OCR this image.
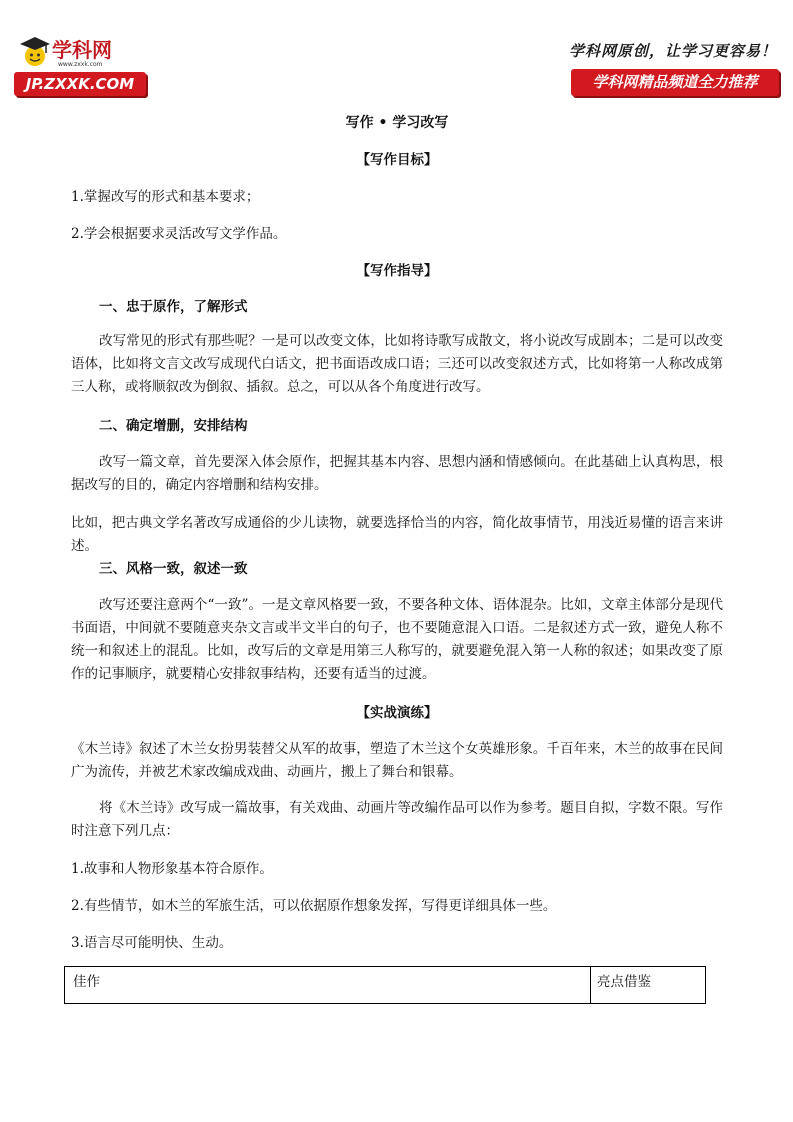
学科网
www.zxxk.com
JP.ZXXK.COM
学科网原创，让学习更容易！
学科网精品频道全力推荐
写作 • 学习改写
【写作目标】
1.掌握改写的形式和基本要求；
2.学会根据要求灵活改写文学作品。
【写作指导】
一、忠于原作，了解形式
改写常见的形式有那些呢？一是可以改变文体，比如将诗歌写成散文，将小说改写成剧本；二是可以改变语体，比如将文言文改写成现代白话文，把书面语改成口语；三还可以改变叙述方式，比如将第一人称改成第三人称，或将顺叙改为倒叙、插叙。总之，可以从各个角度进行改写。
二、确定增删，安排结构
改写一篇文章，首先要深入体会原作，把握其基本内容、思想内涵和情感倾向。在此基础上认真构思，根据改写的目的，确定内容增删和结构安排。
比如，把古典文学名著改写成通俗的少儿读物，就要选择恰当的内容，简化故事情节，用浅近易懂的语言来讲述。
三、风格一致，叙述一致
改写还要注意两个“一致”。一是文章风格要一致，不要各种文体、语体混杂。比如，文章主体部分是现代书面语，中间就不要随意夹杂文言或半文半白的句子，也不要随意混入口语。二是叙述方式一致，避免人称不统一和叙述上的混乱。比如，改写后的文章是用第三人称写的，就要避免混入第一人称的叙述；如果改变了原作的记事顺序，就要精心安排叙事结构，还要有适当的过渡。
【实战演练】
《木兰诗》叙述了木兰女扮男装替父从军的故事，塑造了木兰这个女英雄形象。千百年来，木兰的故事在民间广为流传，并被艺术家改编成戏曲、动画片，搬上了舞台和银幕。
将《木兰诗》改写成一篇故事，有关戏曲、动画片等改编作品可以作为参考。题目自拟，字数不限。写作时注意下列几点：
1.故事和人物形象基本符合原作。
2.有些情节，如木兰的军旅生活，可以依据原作想象发挥，写得更详细具体一些。
3.语言尽可能明快、生动。
佳作	亮点借鉴
